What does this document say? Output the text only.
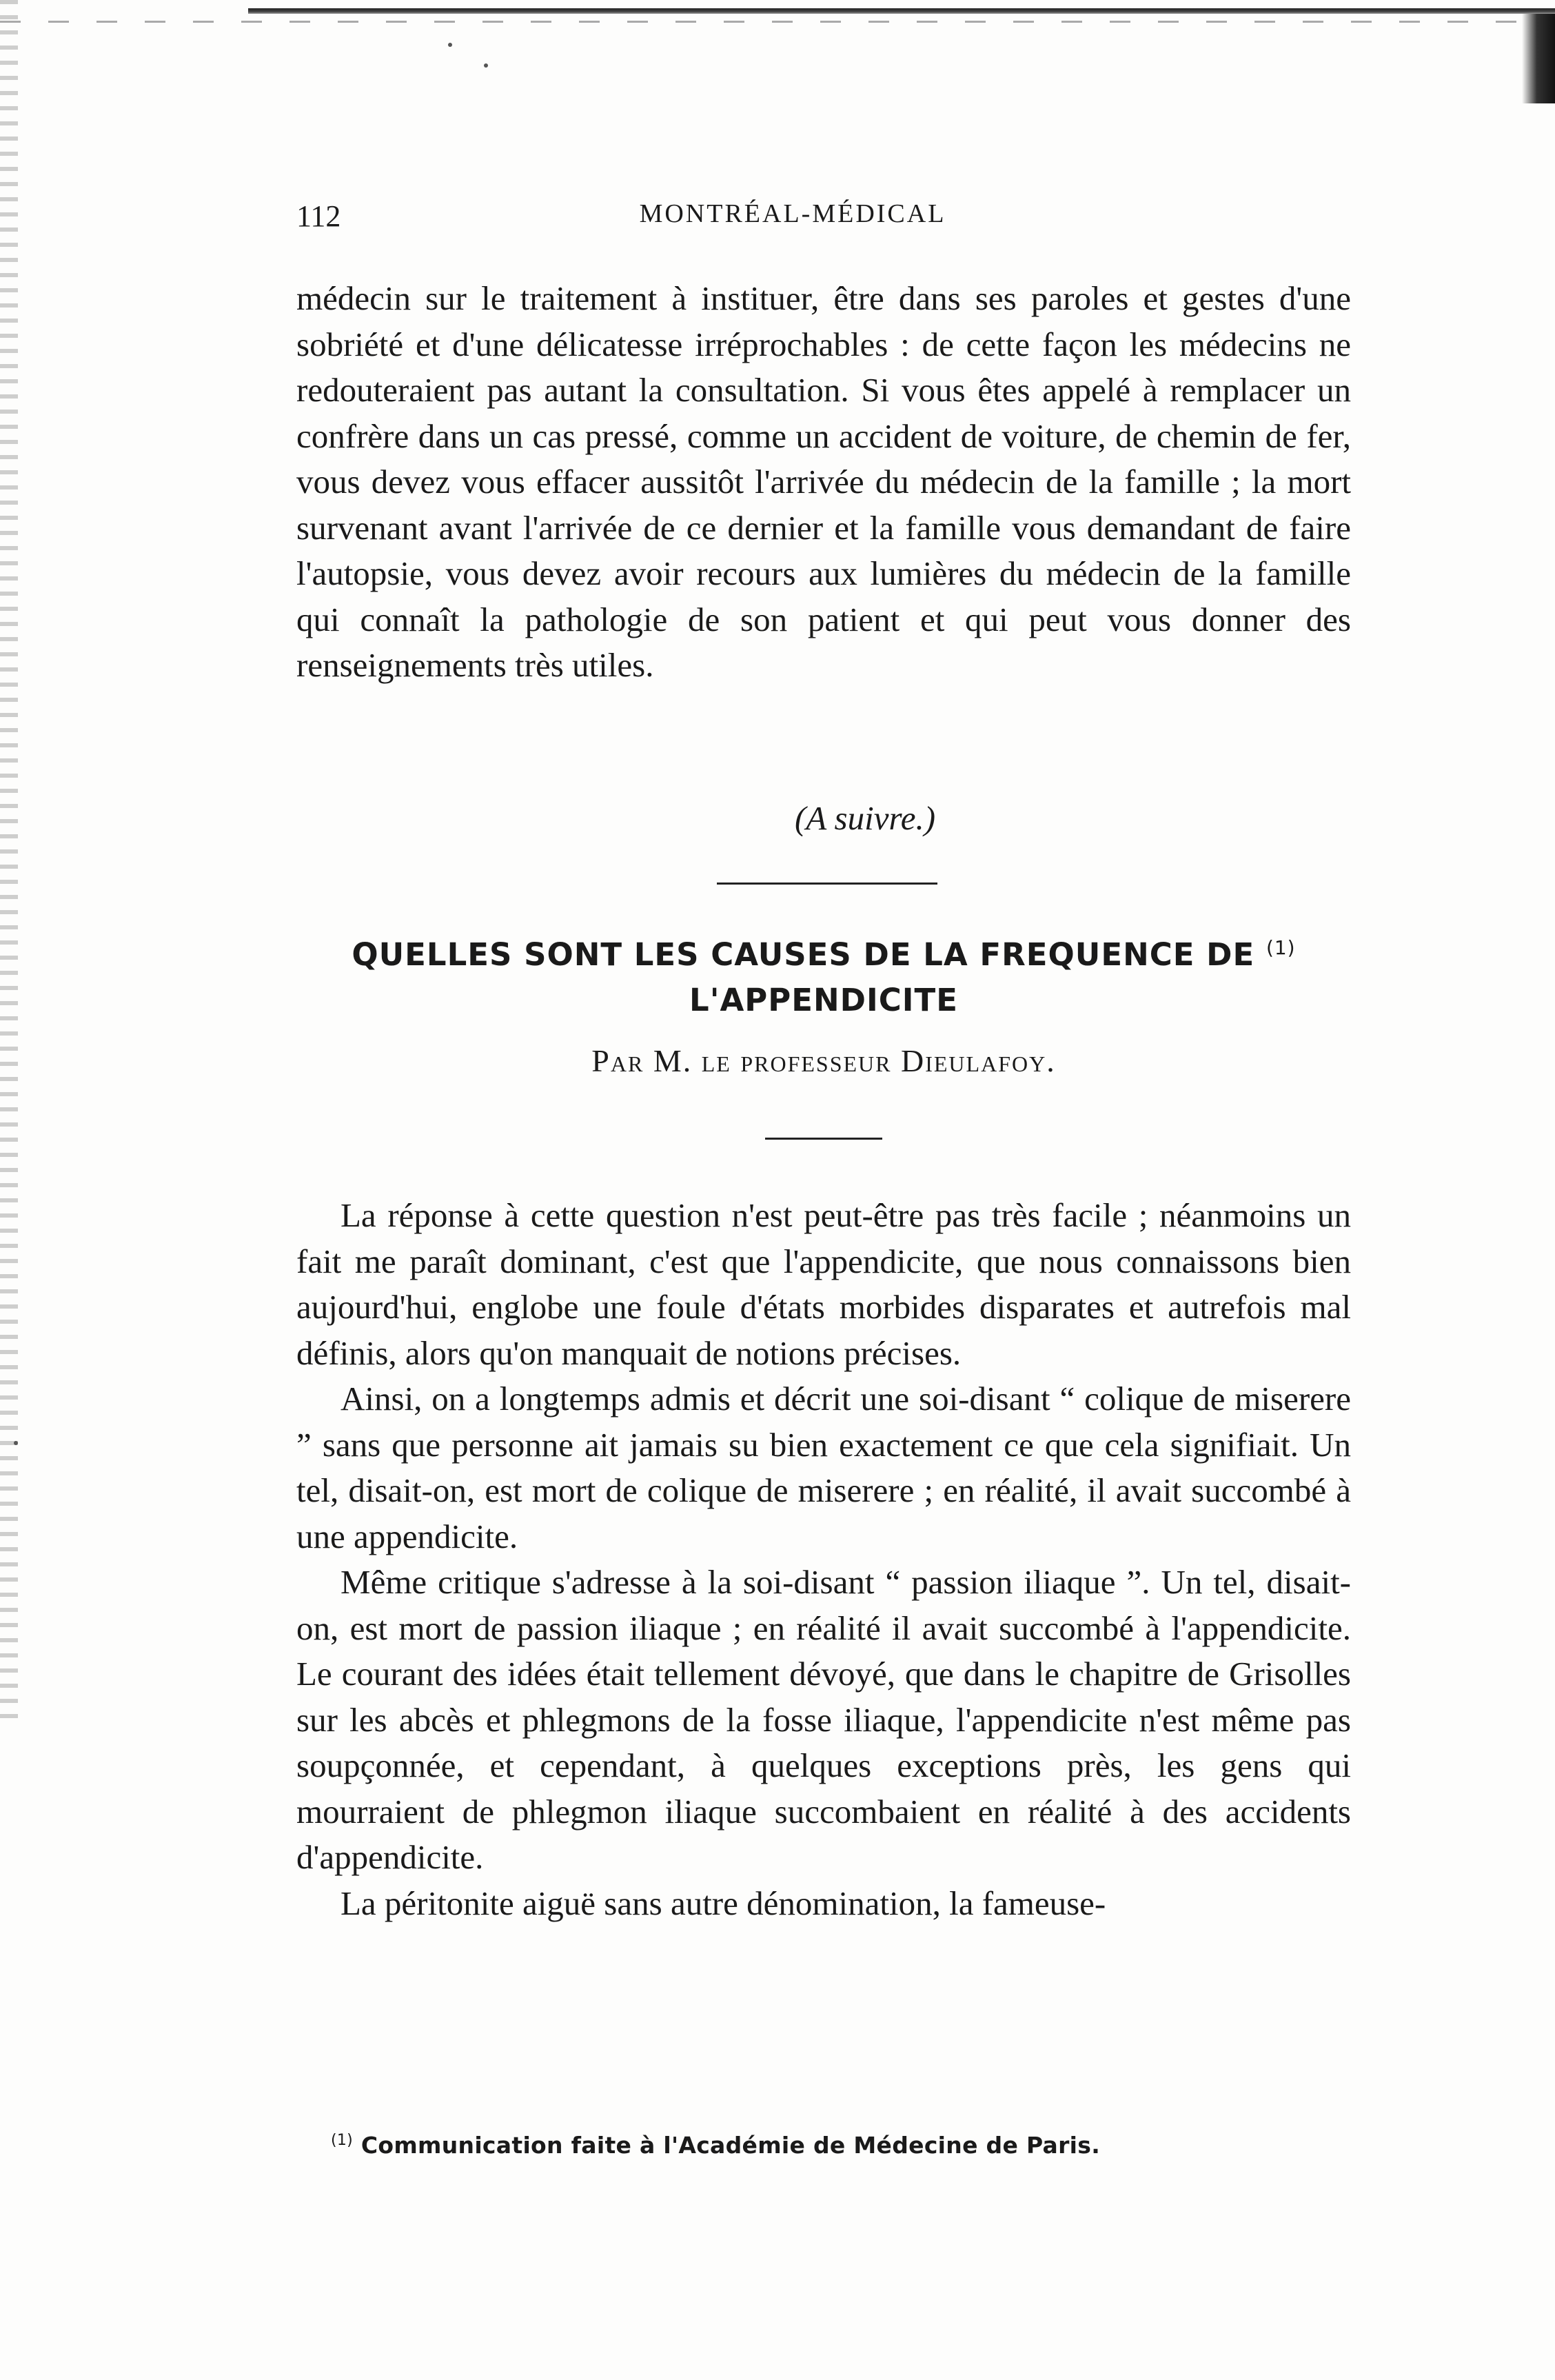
112	MONTRÉAL-MÉDICAL

médecin sur le traitement à instituer, être dans ses paroles et gestes d'une sobriété et d'une délicatesse irréprochables : de cette façon les médecins ne redouteraient pas autant la consultation. Si vous êtes appelé à remplacer un confrère dans un cas pressé, comme un accident de voiture, de chemin de fer, vous devez vous effacer aussitôt l'arrivée du médecin de la famille ; la mort survenant avant l'arrivée de ce dernier et la famille vous demandant de faire l'autopsie, vous devez avoir recours aux lumières du médecin de la famille qui connaît la pathologie de son patient et qui peut vous donner des renseignements très utiles.

(A suivre.)
QUELLES SONT LES CAUSES DE LA FREQUENCE DE $^{(1)}$
L'APPENDICITE
Par M. le professeur Dieulafoy.

La réponse à cette question n'est peut-être pas très facile ; néanmoins un fait me paraît dominant, c'est que l'appendicite, que nous connaissons bien aujourd'hui, englobe une foule d'états morbides disparates et autrefois mal définis, alors qu'on manquait de notions précises.

Ainsi, on a longtemps admis et décrit une soi-disant “ colique de miserere ” sans que personne ait jamais su bien exactement ce que cela signifiait. Un tel, disait-on, est mort de colique de miserere ; en réalité, il avait succombé à une appendicite.

Même critique s'adresse à la soi-disant “ passion iliaque ”. Un tel, disait-on, est mort de passion iliaque ; en réalité il avait succombé à l'appendicite. Le courant des idées était tellement dévoyé, que dans le chapitre de Grisolles sur les abcès et phlegmons de la fosse iliaque, l'appendicite n'est même pas soupçonnée, et cependant, à quelques exceptions près, les gens qui mourraient de phlegmon iliaque succombaient en réalité à des accidents d'appendicite.

La péritonite aiguë sans autre dénomination, la fameuse-

$^{(1)}$ Communication faite à l'Académie de Médecine de Paris.
